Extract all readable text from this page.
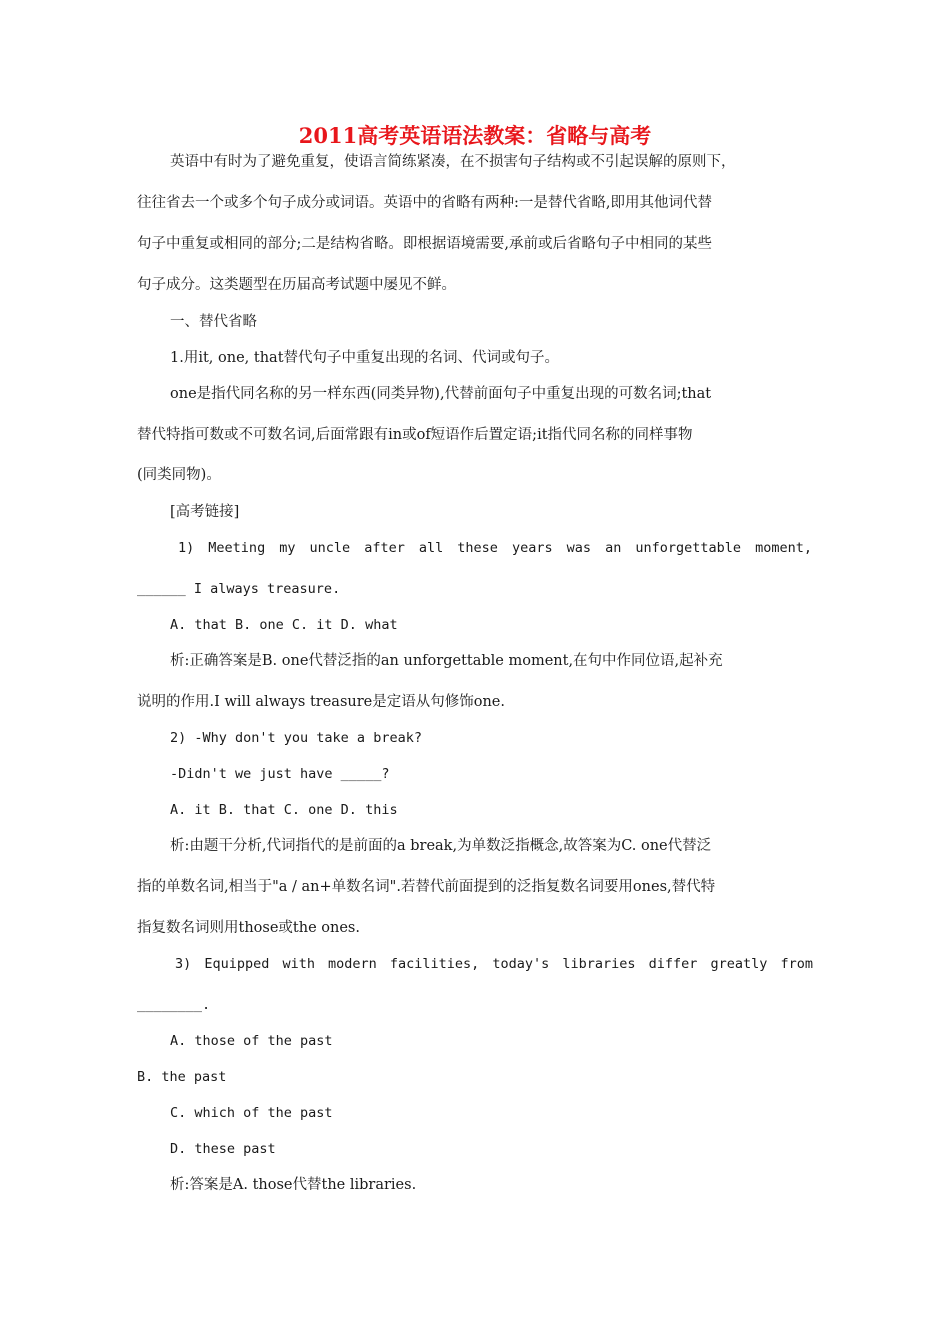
2011高考英语语法教案：省略与高考
英语中有时为了避免重复，使语言简练紧凑，在不损害句子结构或不引起误解的原则下，
往往省去一个或多个句子成分或词语。英语中的省略有两种:一是替代省略,即用其他词代替
句子中重复或相同的部分;二是结构省略。即根据语境需要,承前或后省略句子中相同的某些
句子成分。这类题型在历届高考试题中屡见不鲜。
一、替代省略
1.用it, one, that替代句子中重复出现的名词、代词或句子。
one是指代同名称的另一样东西(同类异物),代替前面句子中重复出现的可数名词;that
替代特指可数或不可数名词,后面常跟有in或of短语作后置定语;it指代同名称的同样事物
(同类同物)。
[高考链接]
1) Meeting my uncle after all these years was an unforgettable moment,
______ I always treasure.
A. that B. one C. it D. what
析:正确答案是B. one代替泛指的an unforgettable moment,在句中作同位语,起补充
说明的作用.I will always treasure是定语从句修饰one.
2) -Why don't you take a break?
-Didn't we just have _____?
A. it B. that C. one D. this
析:由题干分析,代词指代的是前面的a break,为单数泛指概念,故答案为C. one代替泛
指的单数名词,相当于"a / an+单数名词".若替代前面提到的泛指复数名词要用ones,替代特
指复数名词则用those或the ones.
3) Equipped with modern facilities, today's libraries differ greatly from
________.
A. those of the past
B. the past
C. which of the past
D. these past
析:答案是A. those代替the libraries.
